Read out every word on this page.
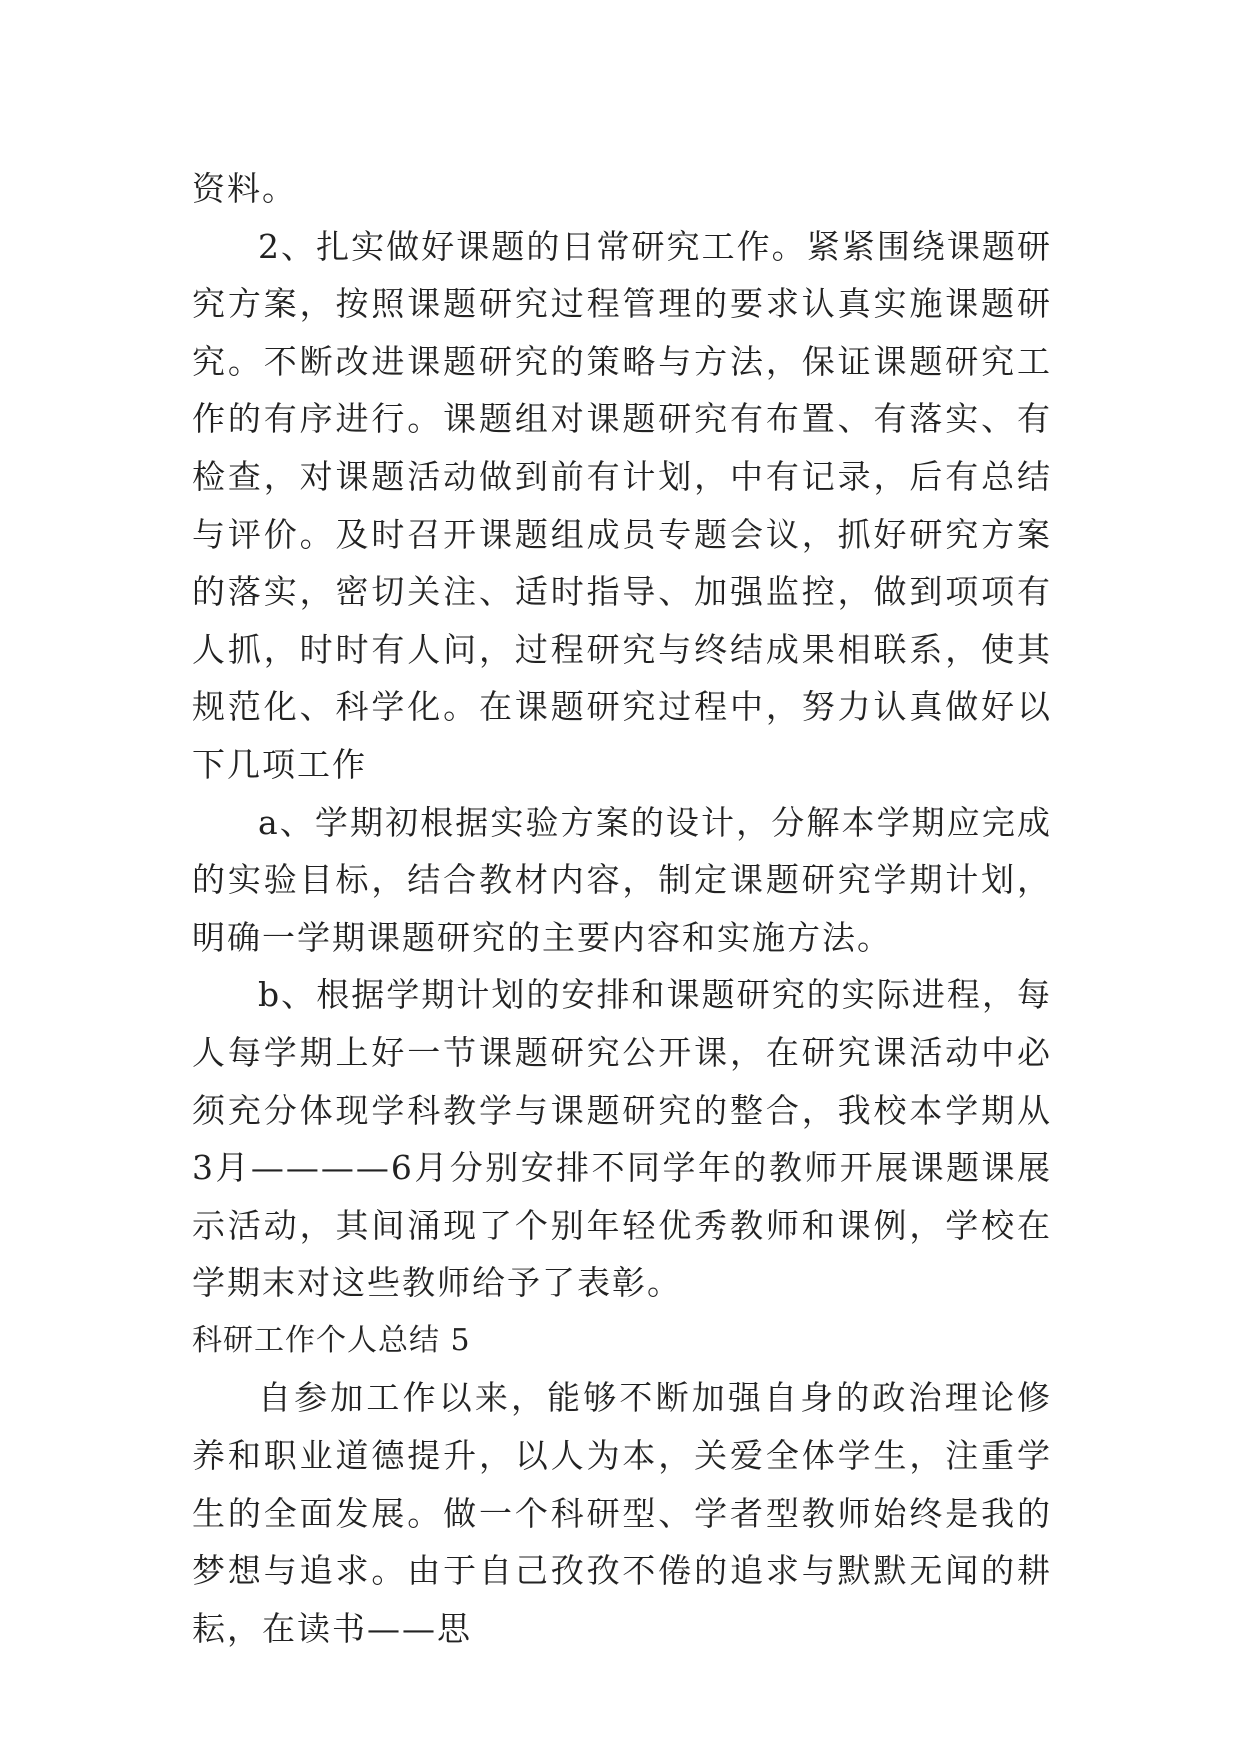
资料。

2、扎实做好课题的日常研究工作。紧紧围绕课题研究方案，按照课题研究过程管理的要求认真实施课题研究。不断改进课题研究的策略与方法，保证课题研究工作的有序进行。课题组对课题研究有布置、有落实、有检查，对课题活动做到前有计划，中有记录，后有总结与评价。及时召开课题组成员专题会议，抓好研究方案的落实，密切关注、适时指导、加强监控，做到项项有人抓，时时有人问，过程研究与终结成果相联系，使其规范化、科学化。在课题研究过程中，努力认真做好以下几项工作

a、学期初根据实验方案的设计，分解本学期应完成的实验目标，结合教材内容，制定课题研究学期计划，明确一学期课题研究的主要内容和实施方法。

b、根据学期计划的安排和课题研究的实际进程，每人每学期上好一节课题研究公开课，在研究课活动中必须充分体现学科教学与课题研究的整合，我校本学期从3月————6月分别安排不同学年的教师开展课题课展示活动，其间涌现了个别年轻优秀教师和课例，学校在学期末对这些教师给予了表彰。

科研工作个人总结 5

自参加工作以来，能够不断加强自身的政治理论修养和职业道德提升，以人为本，关爱全体学生，注重学生的全面发展。做一个科研型、学者型教师始终是我的梦想与追求。由于自己孜孜不倦的追求与默默无闻的耕耘，在读书——思
